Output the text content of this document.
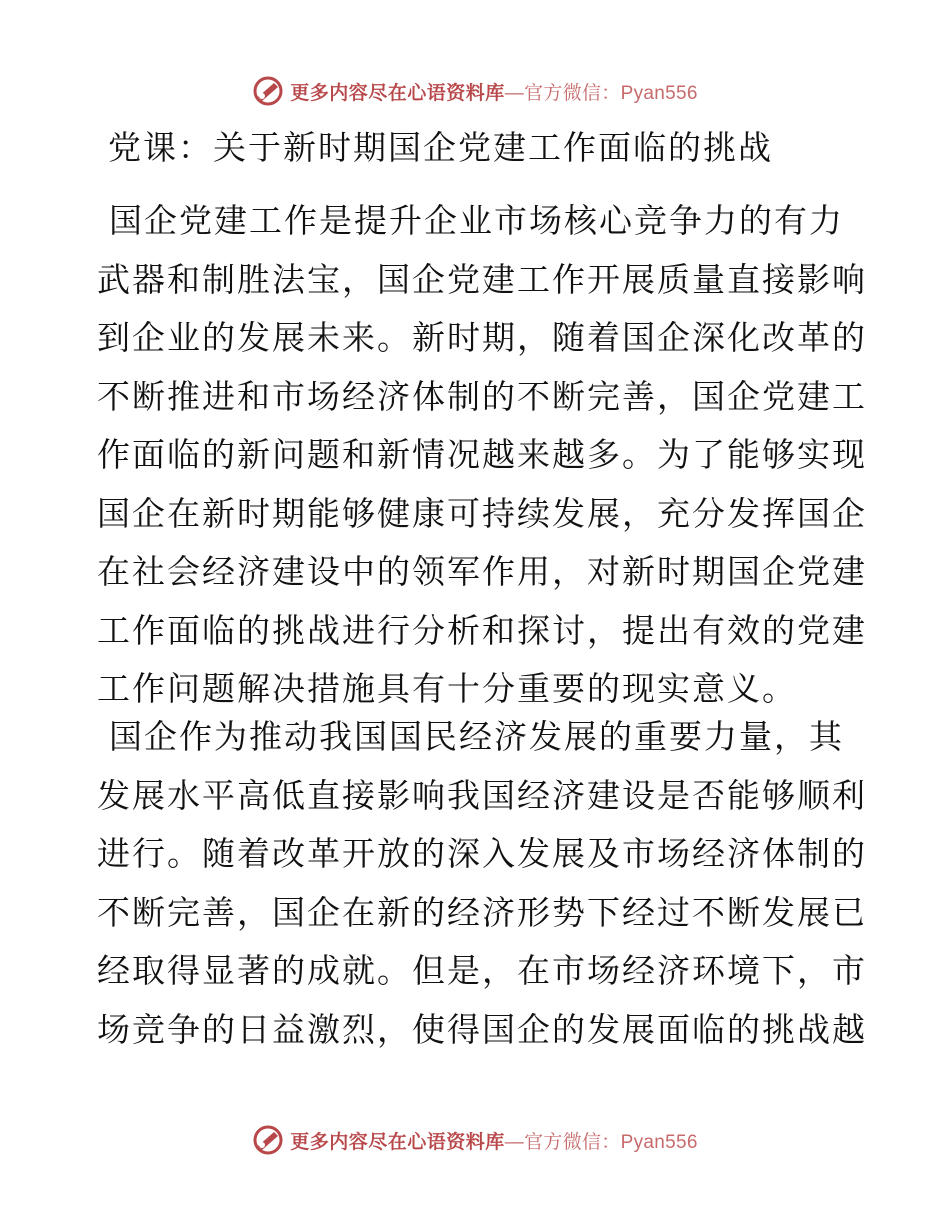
更多内容尽在心语资料库 —官方微信：Pyan556
党课：关于新时期国企党建工作面临的挑战
国企党建工作是提升企业市场核心竞争力的有力
武器和制胜法宝，国企党建工作开展质量直接影响
到企业的发展未来。新时期，随着国企深化改革的
不断推进和市场经济体制的不断完善，国企党建工
作面临的新问题和新情况越来越多。为了能够实现
国企在新时期能够健康可持续发展，充分发挥国企
在社会经济建设中的领军作用，对新时期国企党建
工作面临的挑战进行分析和探讨，提出有效的党建
工作问题解决措施具有十分重要的现实意义。
国企作为推动我国国民经济发展的重要力量，其
发展水平高低直接影响我国经济建设是否能够顺利
进行。随着改革开放的深入发展及市场经济体制的
不断完善，国企在新的经济形势下经过不断发展已
经取得显著的成就。但是，在市场经济环境下，市
场竞争的日益激烈，使得国企的发展面临的挑战越
更多内容尽在心语资料库 —官方微信：Pyan556
